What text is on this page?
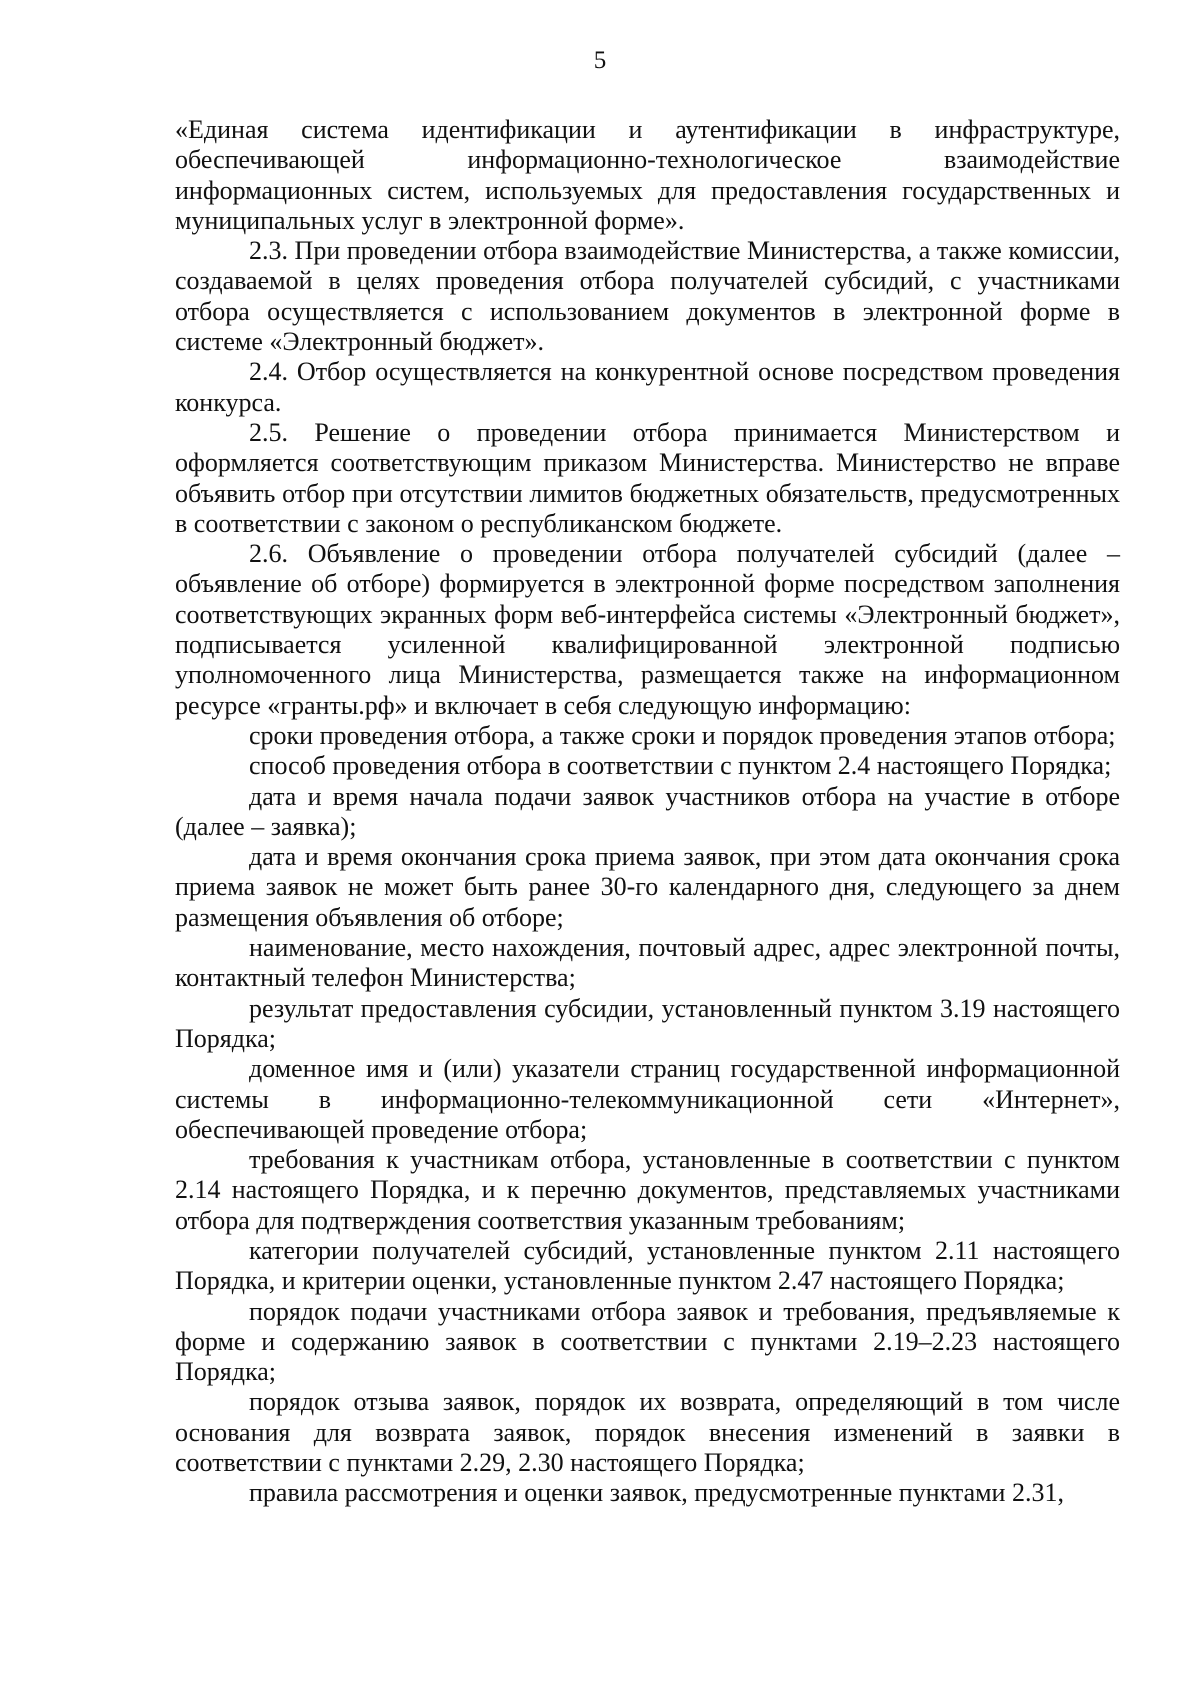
5

«Единая система идентификации и аутентификации в инфраструктуре, обеспечивающей информационно-технологическое взаимодействие информационных систем, используемых для предоставления государственных и муниципальных услуг в электронной форме».

2.3. При проведении отбора взаимодействие Министерства, а также комиссии, создаваемой в целях проведения отбора получателей субсидий, с участниками отбора осуществляется с использованием документов в электронной форме в системе «Электронный бюджет».

2.4. Отбор осуществляется на конкурентной основе посредством проведения конкурса.

2.5. Решение о проведении отбора принимается Министерством и оформляется соответствующим приказом Министерства. Министерство не вправе объявить отбор при отсутствии лимитов бюджетных обязательств, предусмотренных в соответствии с законом о республиканском бюджете.

2.6. Объявление о проведении отбора получателей субсидий (далее – объявление об отборе) формируется в электронной форме посредством заполнения соответствующих экранных форм веб-интерфейса системы «Электронный бюджет», подписывается усиленной квалифицированной электронной подписью уполномоченного лица Министерства, размещается также на информационном ресурсе «гранты.рф» и включает в себя следующую информацию:

сроки проведения отбора, а также сроки и порядок проведения этапов отбора;

способ проведения отбора в соответствии с пунктом 2.4 настоящего Порядка;

дата и время начала подачи заявок участников отбора на участие в отборе (далее – заявка);

дата и время окончания срока приема заявок, при этом дата окончания срока приема заявок не может быть ранее 30-го календарного дня, следующего за днем размещения объявления об отборе;

наименование, место нахождения, почтовый адрес, адрес электронной почты, контактный телефон Министерства;

результат предоставления субсидии, установленный пунктом 3.19 настоящего Порядка;

доменное имя и (или) указатели страниц государственной информационной системы в информационно-телекоммуникационной сети «Интернет», обеспечивающей проведение отбора;

требования к участникам отбора, установленные в соответствии с пунктом 2.14 настоящего Порядка, и к перечню документов, представляемых участниками отбора для подтверждения соответствия указанным требованиям;

категории получателей субсидий, установленные пунктом 2.11 настоящего Порядка, и критерии оценки, установленные пунктом 2.47 настоящего Порядка;

порядок подачи участниками отбора заявок и требования, предъявляемые к форме и содержанию заявок в соответствии с пунктами 2.19–2.23 настоящего Порядка;

порядок отзыва заявок, порядок их возврата, определяющий в том числе основания для возврата заявок, порядок внесения изменений в заявки в соответствии с пунктами 2.29, 2.30 настоящего Порядка;

правила рассмотрения и оценки заявок, предусмотренные пунктами 2.31,
